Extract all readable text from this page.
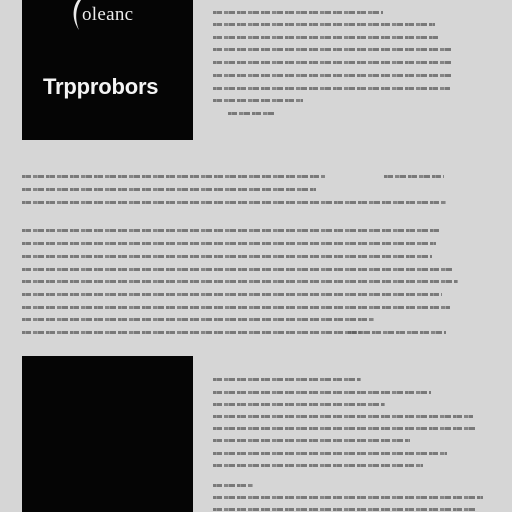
oleanc
Trpprobors
